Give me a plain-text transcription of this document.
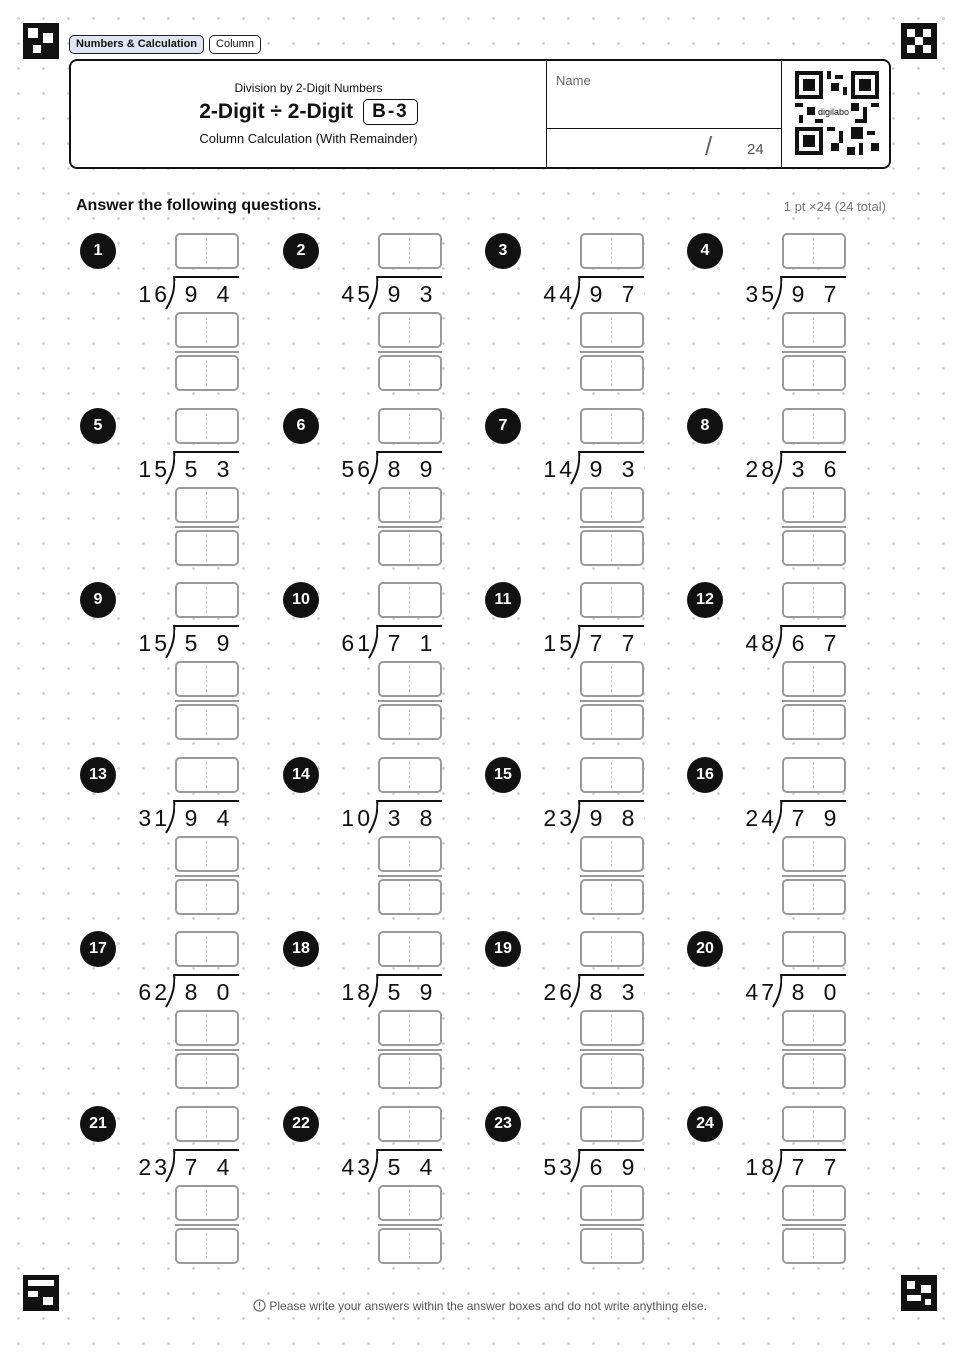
Numbers & Calculation	Column
Division by 2-Digit Numbers
2-Digit ÷ 2-Digit	B-3
Column Calculation (With Remainder)
Name
/ 24
digilabo
Answer the following questions.	1 pt ×24 (24 total)
1
16 9 4
2
45 9 3
3
44 9 7
4
35 9 7
5
15 5 3
6
56 8 9
7
14 9 3
8
28 3 6
9
15 5 9
10
61 7 1
11
15 7 7
12
48 6 7
13
31 9 4
14
10 3 8
15
23 9 8
16
24 7 9
17
62 8 0
18
18 5 9
19
26 8 3
20
47 8 0
21
23 7 4
22
43 5 4
23
53 6 9
24
18 7 7
Please write your answers within the answer boxes and do not write anything else.
